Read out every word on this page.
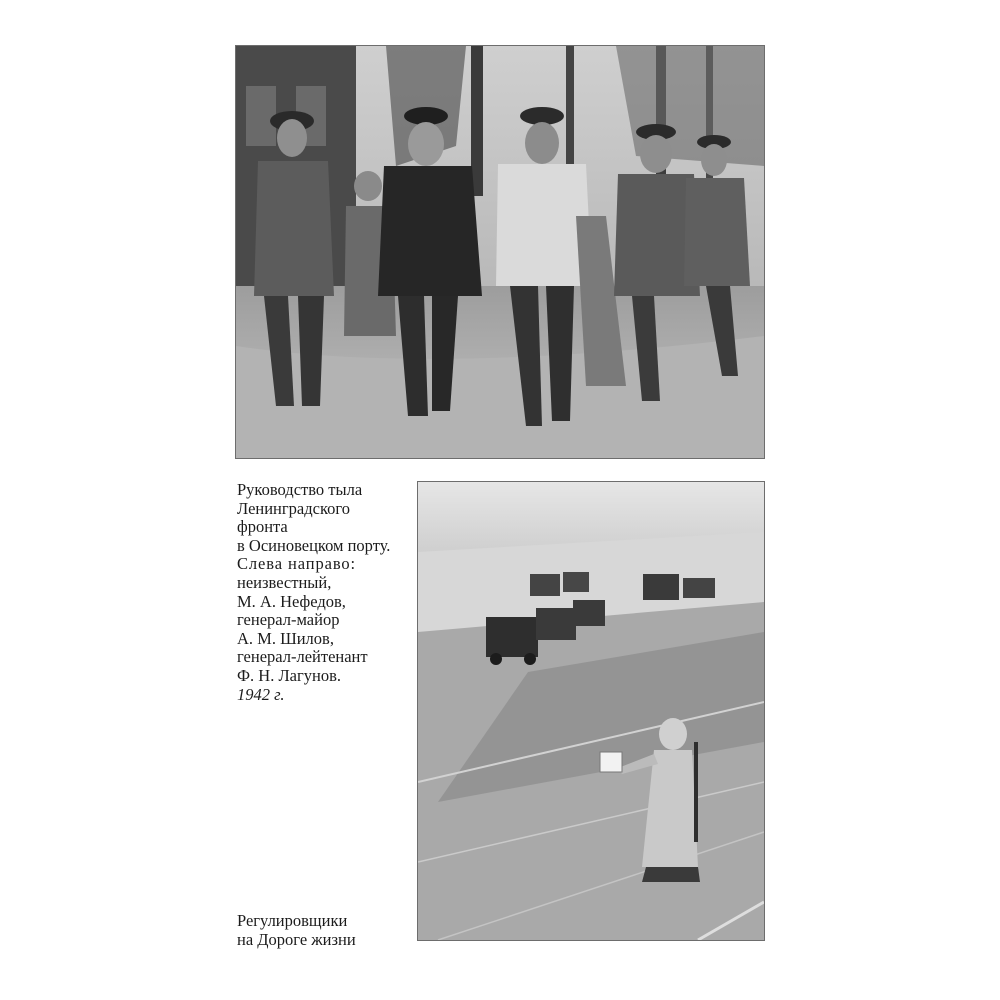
Руководство тыла
Ленинградского
фронта
в Осиновецком порту.
Слева направо:
неизвестный,
М. А. Нефедов,
генерал-майор
А. М. Шилов,
генерал-лейтенант
Ф. Н. Лагунов.
1942 г.
Регулировщики
на Дороге жизни
